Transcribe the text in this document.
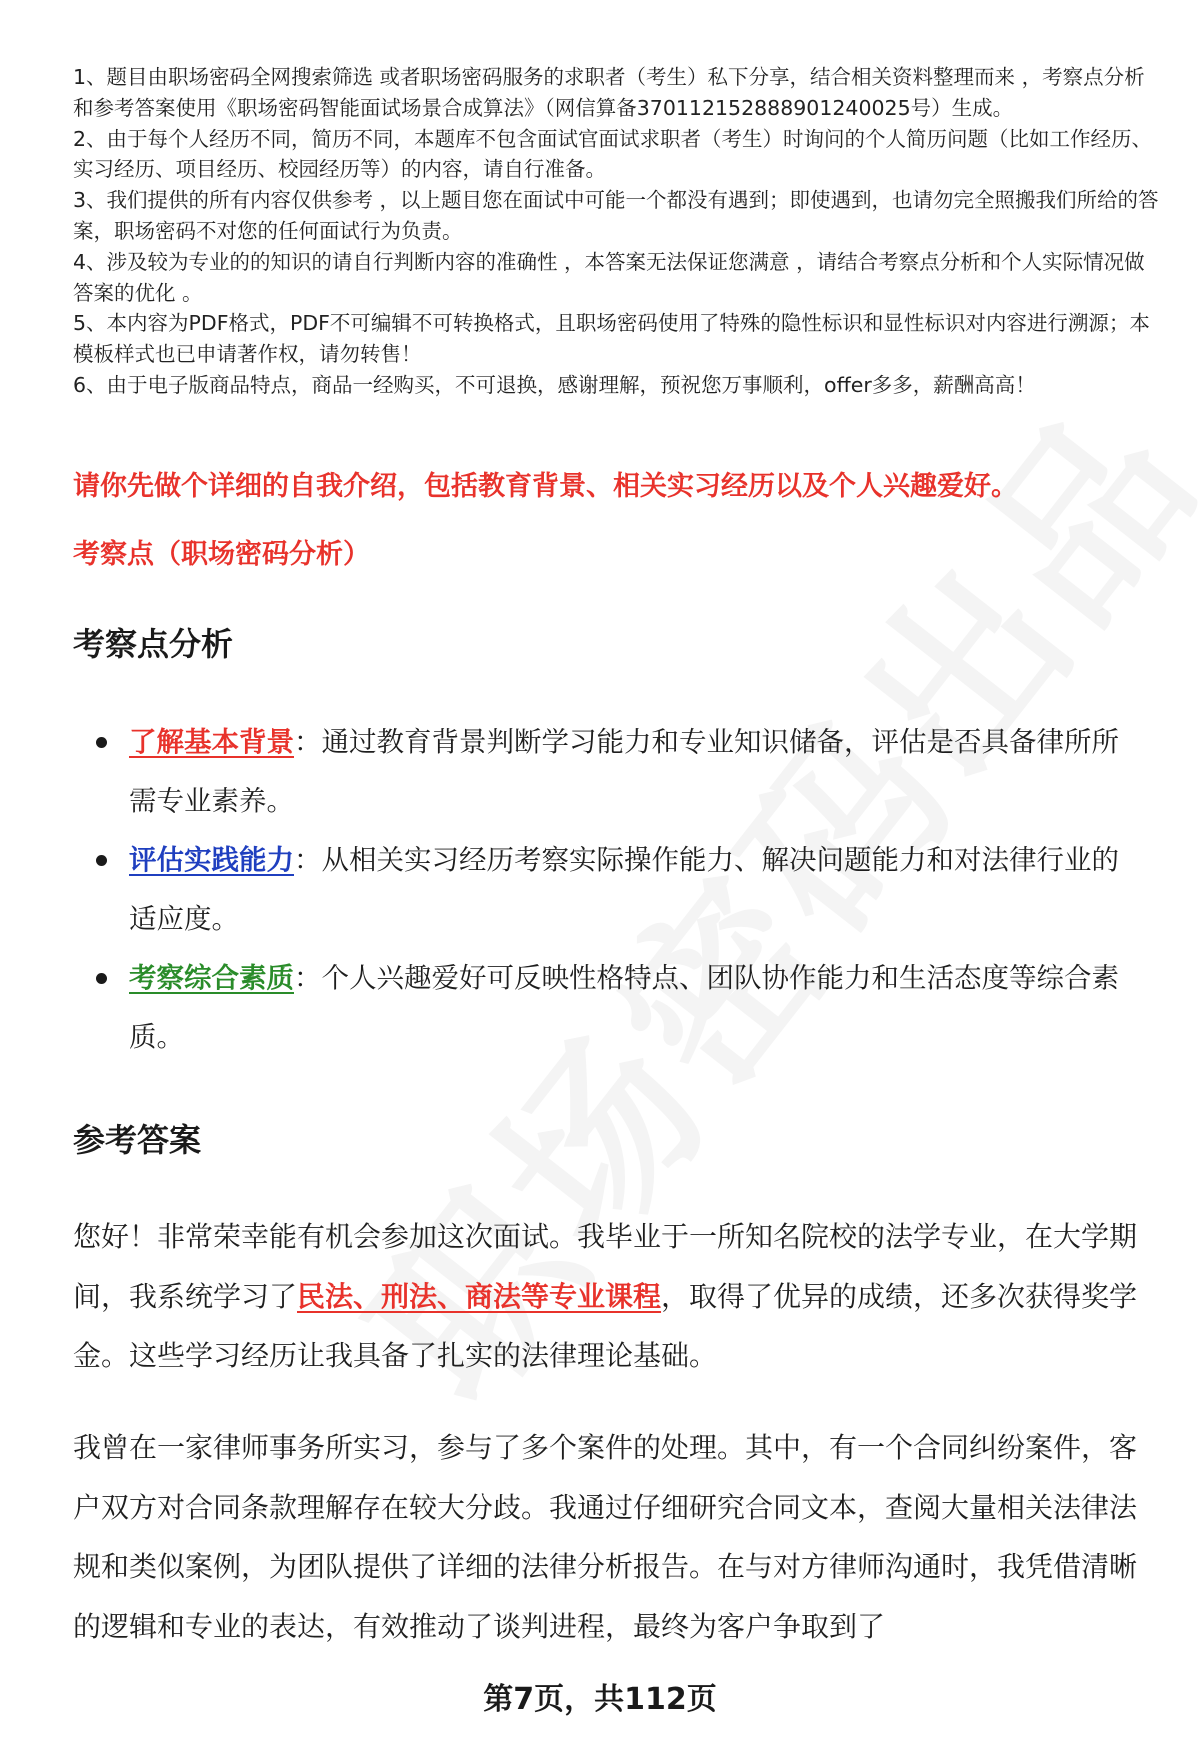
1、题目由职场密码全网搜索筛选 或者职场密码服务的求职者（考生）私下分享，结合相关资料整理而来 ，考察点分析和参考答案使用《职场密码智能面试场景合成算法》（网信算备370112152888901240025号）生成。

2、由于每个人经历不同，简历不同，本题库不包含面试官面试求职者（考生）时询问的个人简历问题（比如工作经历、实习经历、项目经历、校园经历等）的内容，请自行准备。

3、我们提供的所有内容仅供参考 ，以上题目您在面试中可能一个都没有遇到；即使遇到，也请勿完全照搬我们所给的答案，职场密码不对您的任何面试行为负责。

4、涉及较为专业的的知识的请自行判断内容的准确性 ，本答案无法保证您满意 ，请结合考察点分析和个人实际情况做答案的优化 。

5、本内容为PDF格式，PDF不可编辑不可转换格式，且职场密码使用了特殊的隐性标识和显性标识对内容进行溯源；本模板样式也已申请著作权，请勿转售！

6、由于电子版商品特点，商品一经购买，不可退换，感谢理解，预祝您万事顺利，offer多多，薪酬高高！

请你先做个详细的自我介绍，包括教育背景、相关实习经历以及个人兴趣爱好。

考察点（职场密码分析）

考察点分析
了解基本背景：通过教育背景判断学习能力和专业知识储备，评估是否具备律所所需专业素养。
评估实践能力：从相关实习经历考察实际操作能力、解决问题能力和对法律行业的适应度。
考察综合素质：个人兴趣爱好可反映性格特点、团队协作能力和生活态度等综合素质。
参考答案

您好！非常荣幸能有机会参加这次面试。我毕业于一所知名院校的法学专业，在大学期间，我系统学习了民法、刑法、商法等专业课程，取得了优异的成绩，还多次获得奖学金。这些学习经历让我具备了扎实的法律理论基础。

我曾在一家律师事务所实习，参与了多个案件的处理。其中，有一个合同纠纷案件，客户双方对合同条款理解存在较大分歧。我通过仔细研究合同文本，查阅大量相关法律法规和类似案例，为团队提供了详细的法律分析报告。在与对方律师沟通时，我凭借清晰的逻辑和专业的表达，有效推动了谈判进程，最终为客户争取到了

第7页，共112页
